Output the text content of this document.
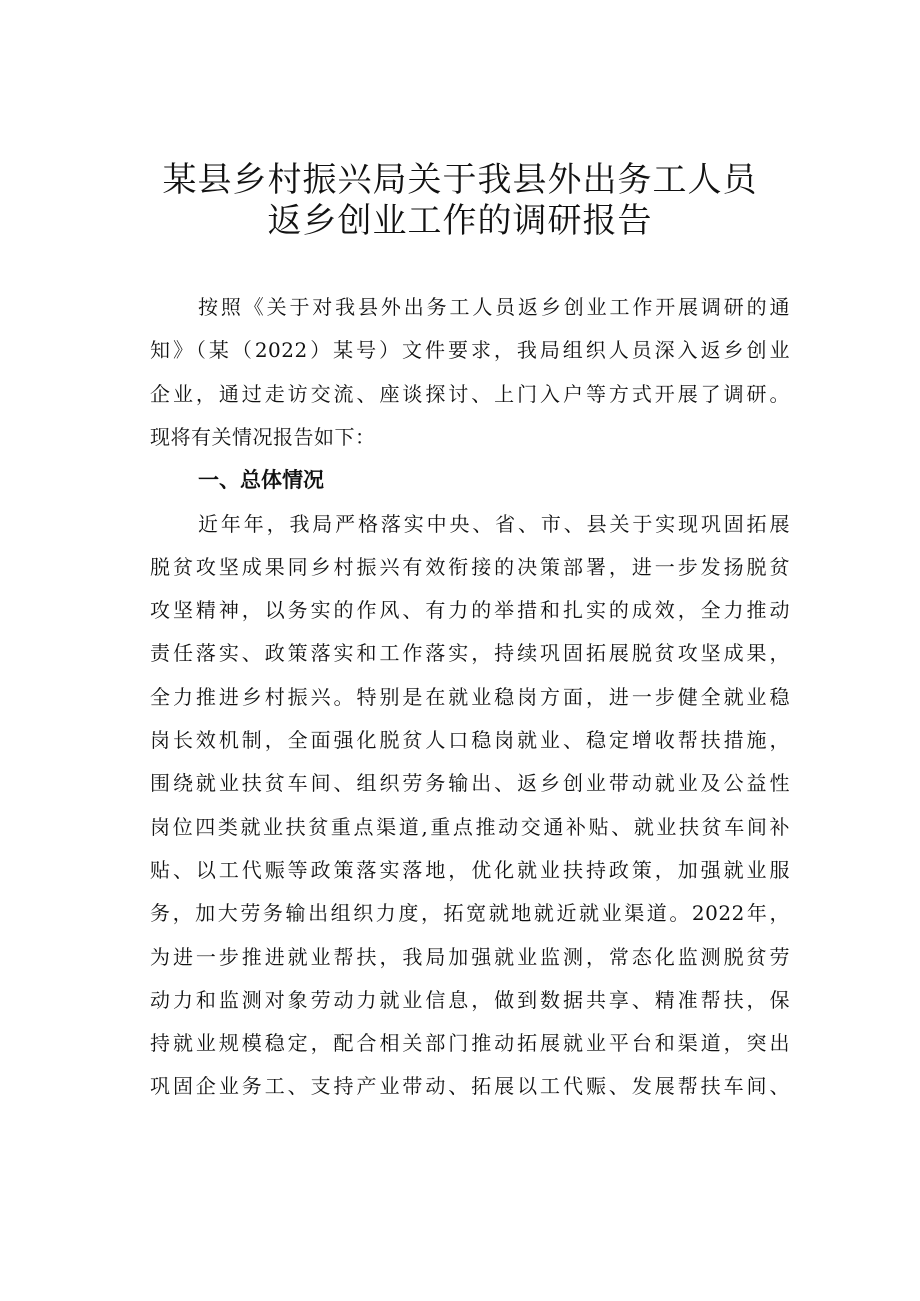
某县乡村振兴局关于我县外出务工人员
返乡创业工作的调研报告
按照《关于对我县外出务工人员返乡创业工作开展调研的通
知》（某（2022）某号）文件要求，我局组织人员深入返乡创业
企业，通过走访交流、座谈探讨、上门入户等方式开展了调研。
现将有关情况报告如下：
一、总体情况
近年年，我局严格落实中央、省、市、县关于实现巩固拓展
脱贫攻坚成果同乡村振兴有效衔接的决策部署，进一步发扬脱贫
攻坚精神，以务实的作风、有力的举措和扎实的成效，全力推动
责任落实、政策落实和工作落实，持续巩固拓展脱贫攻坚成果，
全力推进乡村振兴。特别是在就业稳岗方面，进一步健全就业稳
岗长效机制，全面强化脱贫人口稳岗就业、稳定增收帮扶措施，
围绕就业扶贫车间、组织劳务输出、返乡创业带动就业及公益性
岗位四类就业扶贫重点渠道,重点推动交通补贴、就业扶贫车间补
贴、以工代赈等政策落实落地，优化就业扶持政策，加强就业服
务，加大劳务输出组织力度，拓宽就地就近就业渠道。2022年，
为进一步推进就业帮扶，我局加强就业监测，常态化监测脱贫劳
动力和监测对象劳动力就业信息，做到数据共享、精准帮扶，保
持就业规模稳定，配合相关部门推动拓展就业平台和渠道，突出
巩固企业务工、支持产业带动、拓展以工代赈、发展帮扶车间、
